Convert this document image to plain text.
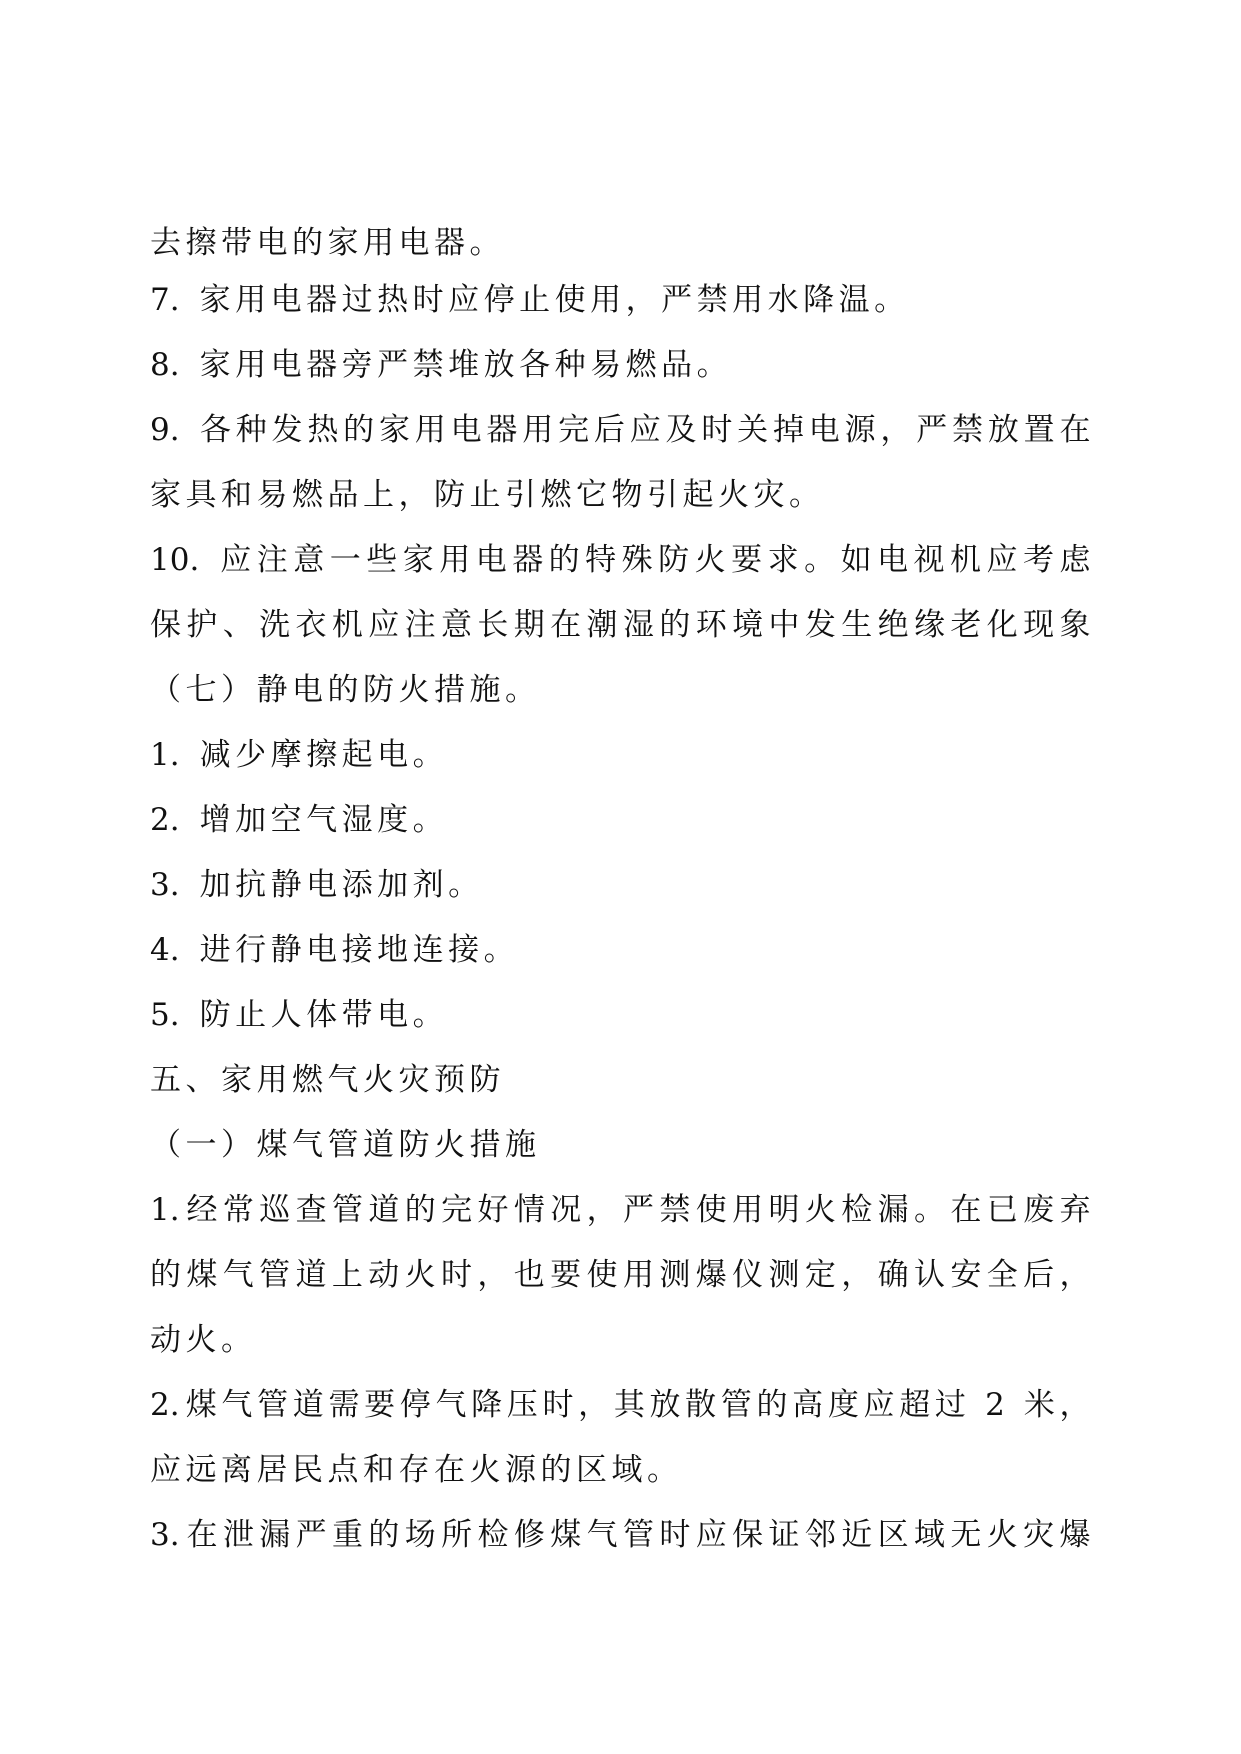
去擦带电的家用电器。

7. 家用电器过热时应停止使用，严禁用水降温。

8. 家用电器旁严禁堆放各种易燃品。

9. 各种发热的家用电器用完后应及时关掉电源，严禁放置在

家具和易燃品上，防止引燃它物引起火灾。

10. 应注意一些家用电器的特殊防火要求。如电视机应考虑

保护、洗衣机应注意长期在潮湿的环境中发生绝缘老化现象

（七）静电的防火措施。

1. 减少摩擦起电。

2. 增加空气湿度。

3. 加抗静电添加剂。

4. 进行静电接地连接。

5. 防止人体带电。

五、家用燃气火灾预防

（一）煤气管道防火措施

1. 经常巡查管道的完好情况，严禁使用明火检漏。在已废弃

的煤气管道上动火时，也要使用测爆仪测定，确认安全后，

动火。

2. 煤气管道需要停气降压时，其放散管的高度应超过 2 米，

应远离居民点和存在火源的区域。

3. 在泄漏严重的场所检修煤气管时应保证邻近区域无火灾爆
